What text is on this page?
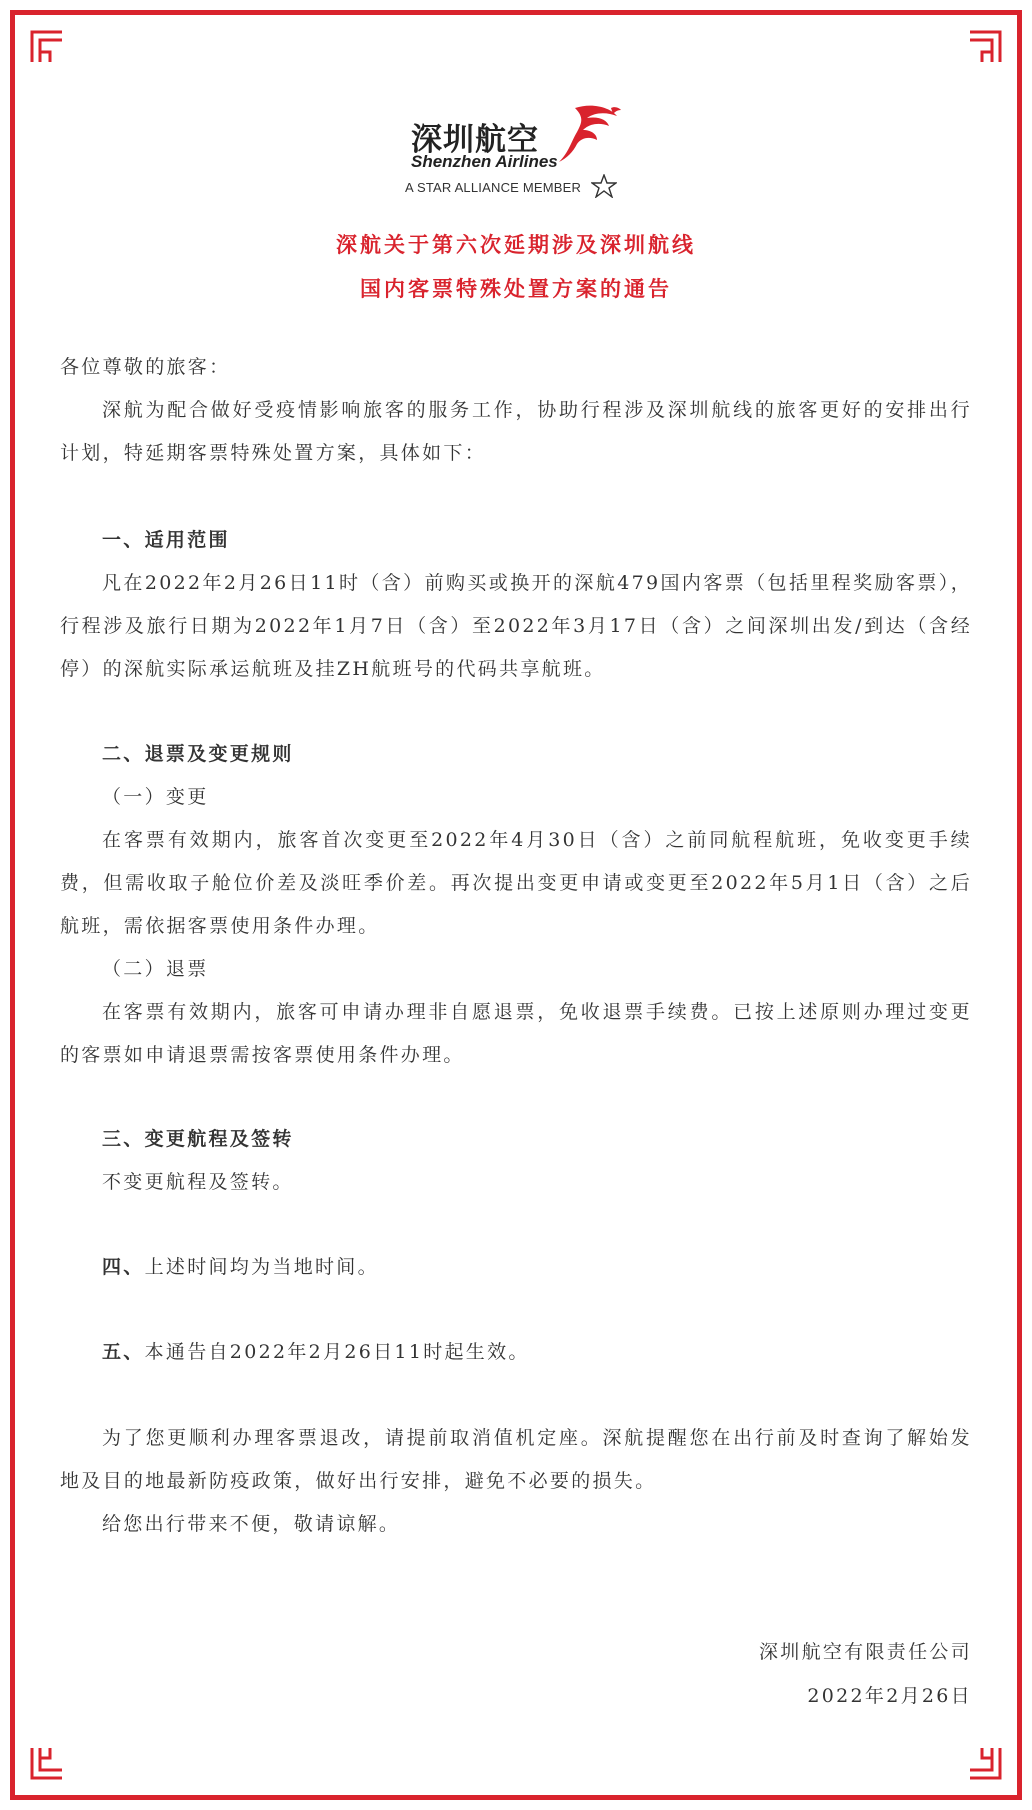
深圳航空
Shenzhen Airlines
A STAR ALLIANCE MEMBER
深航关于第六次延期涉及深圳航线
国内客票特殊处置方案的通告

各位尊敬的旅客：

深航为配合做好受疫情影响旅客的服务工作，协助行程涉及深圳航线的旅客更好的安排出行计划，特延期客票特殊处置方案，具体如下：

一、适用范围

凡在2022年2月26日11时（含）前购买或换开的深航479国内客票（包括里程奖励客票），行程涉及旅行日期为2022年1月7日（含）至2022年3月17日（含）之间深圳出发/到达（含经停）的深航实际承运航班及挂ZH航班号的代码共享航班。

二、退票及变更规则

（一）变更

在客票有效期内，旅客首次变更至2022年4月30日（含）之前同航程航班，免收变更手续费，但需收取子舱位价差及淡旺季价差。再次提出变更申请或变更至2022年5月1日（含）之后航班，需依据客票使用条件办理。

（二）退票

在客票有效期内，旅客可申请办理非自愿退票，免收退票手续费。已按上述原则办理过变更的客票如申请退票需按客票使用条件办理。

三、变更航程及签转

不变更航程及签转。

四、上述时间均为当地时间。

五、本通告自2022年2月26日11时起生效。

为了您更顺利办理客票退改，请提前取消值机定座。深航提醒您在出行前及时查询了解始发地及目的地最新防疫政策，做好出行安排，避免不必要的损失。

给您出行带来不便，敬请谅解。

深圳航空有限责任公司
2022年2月26日
